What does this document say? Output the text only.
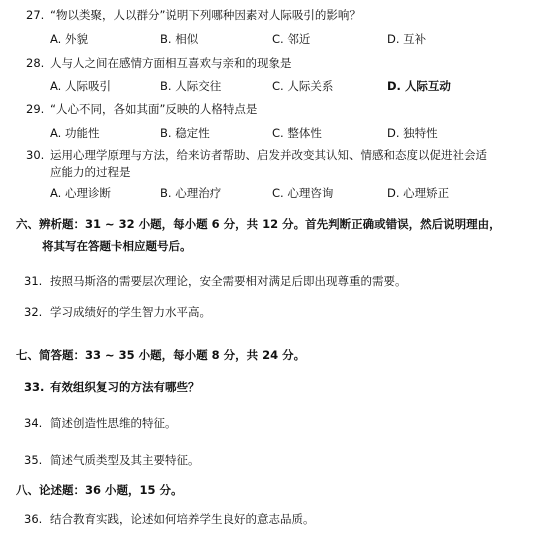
27. “物以类聚，人以群分”说明下列哪种因素对人际吸引的影响？
A. 外貌	B. 相似	C. 邻近	D. 互补
28. 人与人之间在感情方面相互喜欢与亲和的现象是
A. 人际吸引	B. 人际交往	C. 人际关系	D. 人际互动
29. “人心不同，各如其面”反映的人格特点是
A. 功能性	B. 稳定性	C. 整体性	D. 独特性
30. 运用心理学原理与方法，给来访者帮助、启发并改变其认知、情感和态度以促进社会适
应能力的过程是
A. 心理诊断	B. 心理治疗	C. 心理咨询	D. 心理矫正
六、辨析题：31 ~ 32 小题，每小题 6 分，共 12 分。首先判断正确或错误，然后说明理由，
将其写在答题卡相应题号后。
31. 按照马斯洛的需要层次理论，安全需要相对满足后即出现尊重的需要。
32. 学习成绩好的学生智力水平高。
七、简答题：33 ~ 35 小题，每小题 8 分，共 24 分。
33. 有效组织复习的方法有哪些？
34. 简述创造性思维的特征。
35. 简述气质类型及其主要特征。
八、论述题：36 小题，15 分。
36. 结合教育实践，论述如何培养学生良好的意志品质。
